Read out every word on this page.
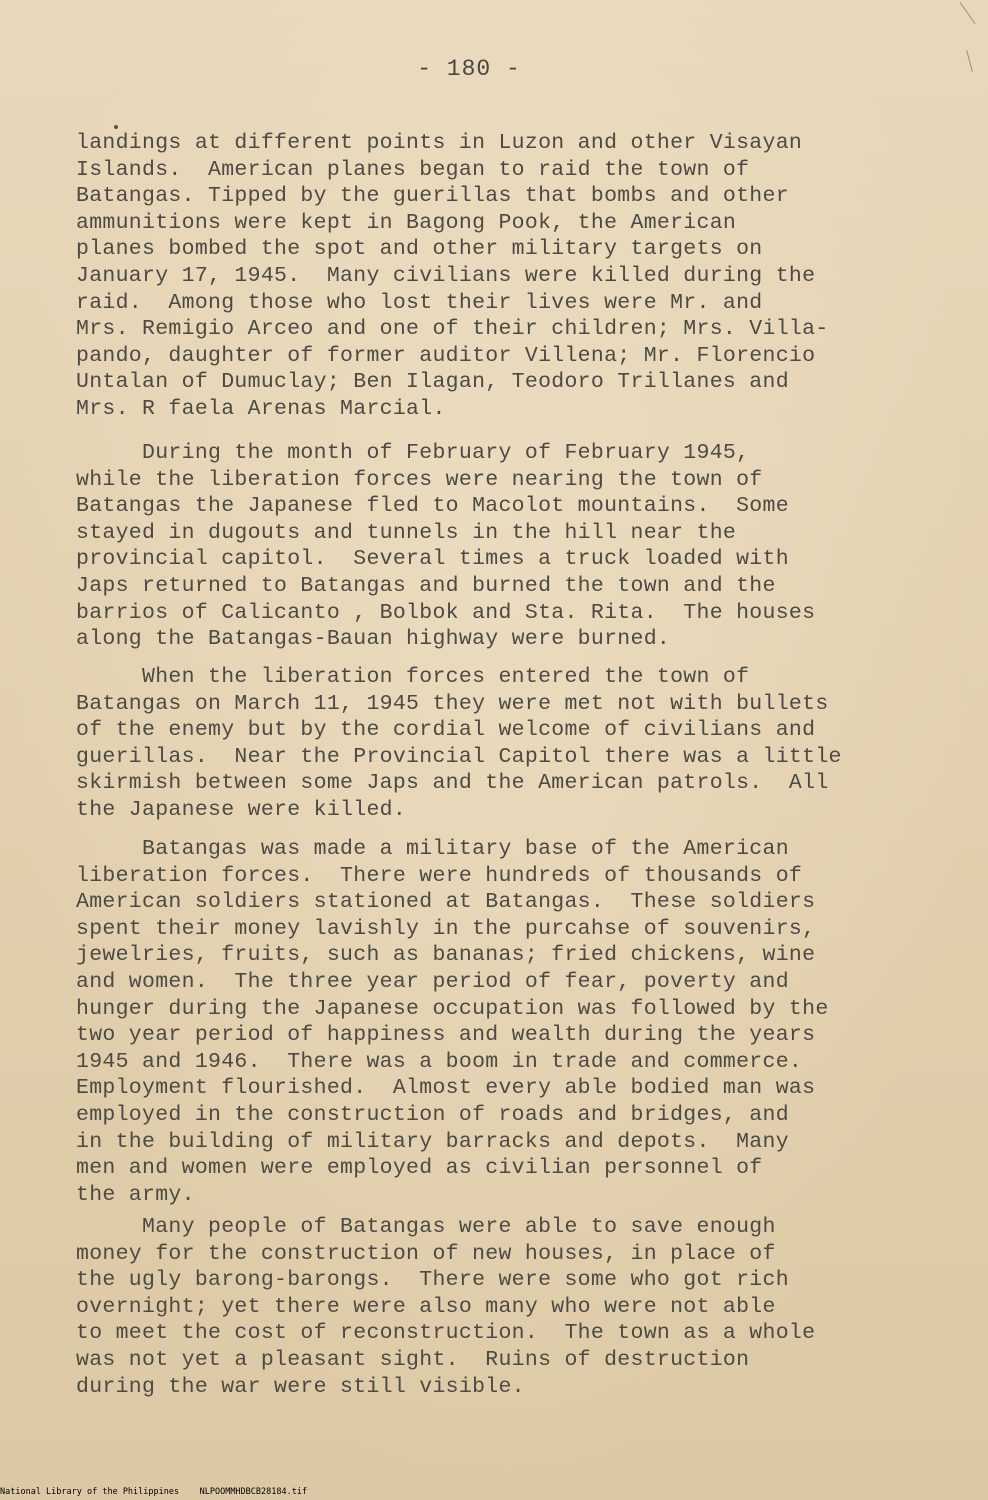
- 180 -

landings at different points in Luzon and other Visayan
Islands.  American planes began to raid the town of
Batangas. Tipped by the guerillas that bombs and other
ammunitions were kept in Bagong Pook, the American
planes bombed the spot and other military targets on
January 17, 1945.  Many civilians were killed during the
raid.  Among those who lost their lives were Mr. and
Mrs. Remigio Arceo and one of their children; Mrs. Villa-
pando, daughter of former auditor Villena; Mr. Florencio
Untalan of Dumuclay; Ben Ilagan, Teodoro Trillanes and
Mrs. R faela Arenas Marcial.

During the month of February of February 1945,
while the liberation forces were nearing the town of
Batangas the Japanese fled to Macolot mountains.  Some
stayed in dugouts and tunnels in the hill near the
provincial capitol.  Several times a truck loaded with
Japs returned to Batangas and burned the town and the
barrios of Calicanto , Bolbok and Sta. Rita.  The houses
along the Batangas-Bauan highway were burned.

When the liberation forces entered the town of
Batangas on March 11, 1945 they were met not with bullets
of the enemy but by the cordial welcome of civilians and
guerillas.  Near the Provincial Capitol there was a little
skirmish between some Japs and the American patrols.  All
the Japanese were killed.

Batangas was made a military base of the American
liberation forces.  There were hundreds of thousands of
American soldiers stationed at Batangas.  These soldiers
spent their money lavishly in the purcahse of souvenirs,
jewelries, fruits, such as bananas; fried chickens, wine
and women.  The three year period of fear, poverty and
hunger during the Japanese occupation was followed by the
two year period of happiness and wealth during the years
1945 and 1946.  There was a boom in trade and commerce.
Employment flourished.  Almost every able bodied man was
employed in the construction of roads and bridges, and
in the building of military barracks and depots.  Many
men and women were employed as civilian personnel of
the army.

Many people of Batangas were able to save enough
money for the construction of new houses, in place of
the ugly barong-barongs.  There were some who got rich
overnight; yet there were also many who were not able
to meet the cost of reconstruction.  The town as a whole
was not yet a pleasant sight.  Ruins of destruction
during the war were still visible.

National Library of the Philippines NLPOOMMHDBCB28184.tif
